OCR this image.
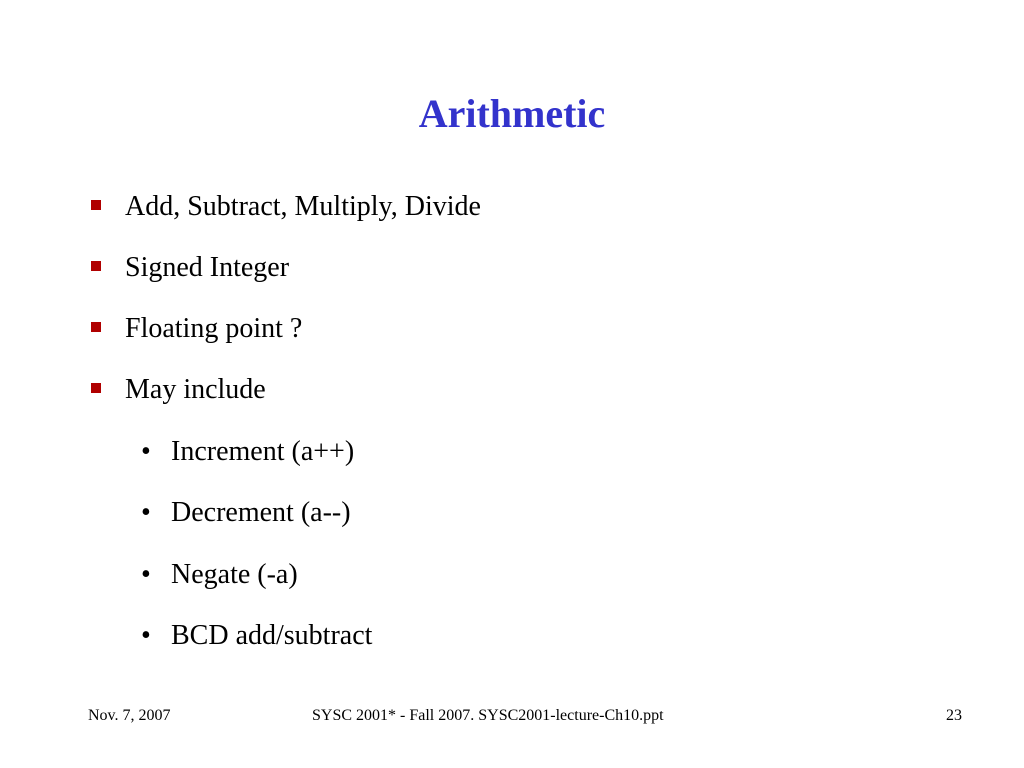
Arithmetic
Add, Subtract, Multiply, Divide
Signed Integer
Floating point ?
May include
• Increment (a++)
• Decrement (a--)
• Negate (-a)
• BCD add/subtract
Nov. 7, 2007	SYSC 2001* - Fall 2007. SYSC2001-lecture-Ch10.ppt	23
